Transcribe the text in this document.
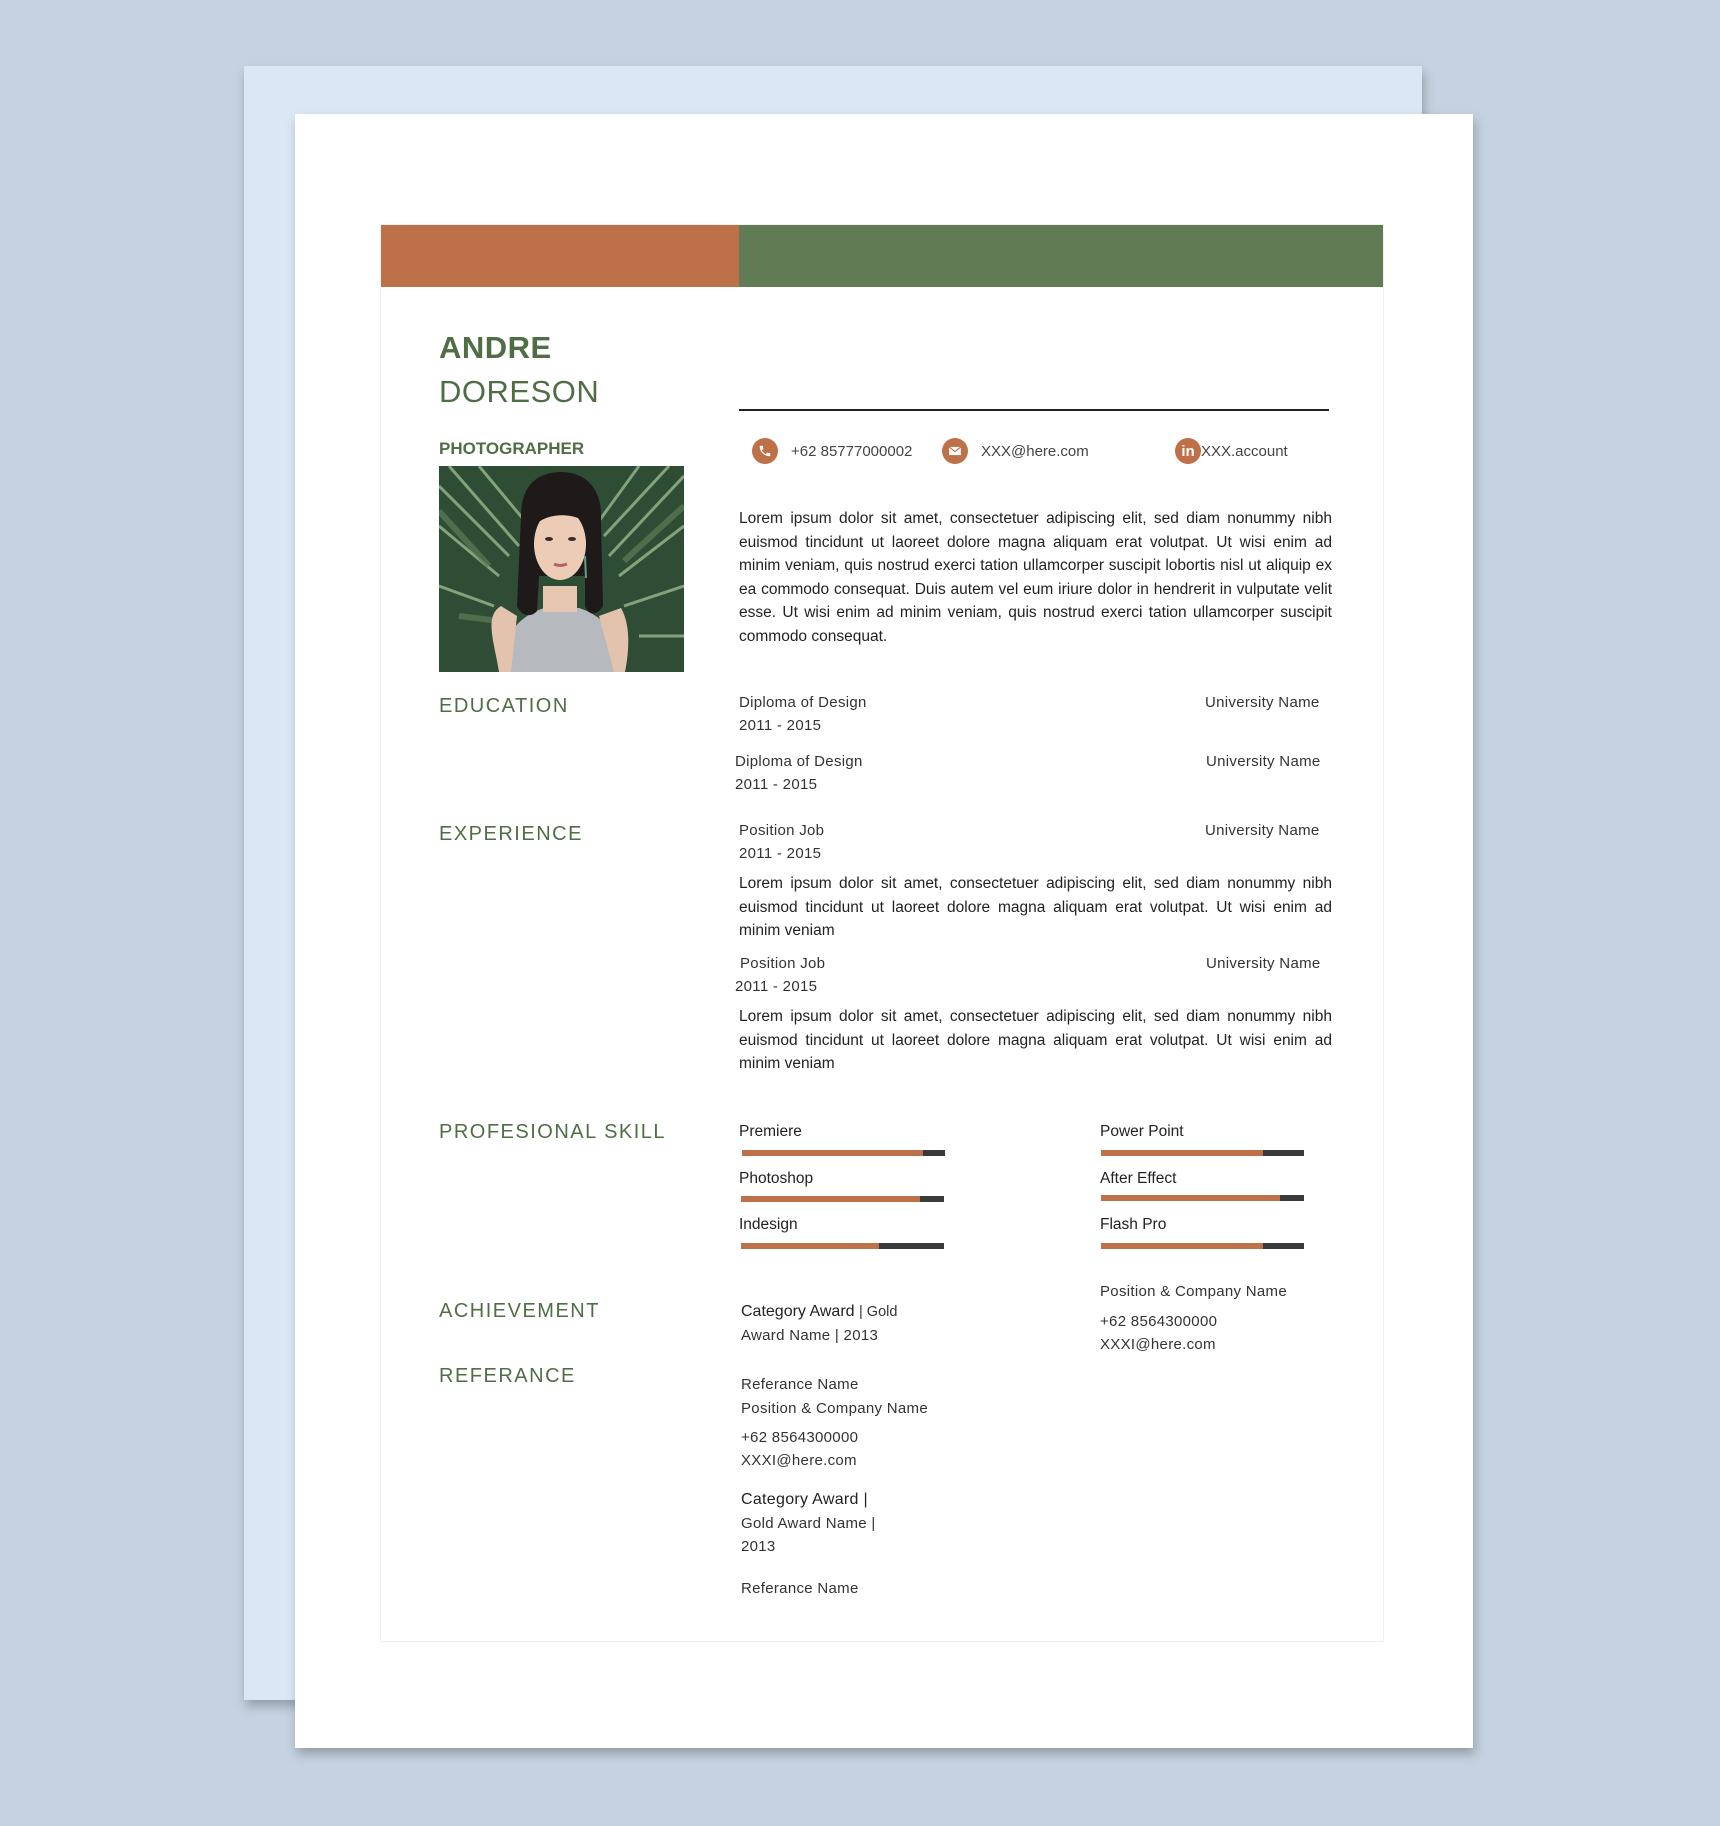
ANDRE
DORESON
PHOTOGRAPHER	+62 85777000002	XXX@here.com	in XXX.account
Lorem ipsum dolor sit amet, consectetuer adipiscing elit, sed diam nonummy nibh euismod tincidunt ut laoreet dolore magna aliquam erat volutpat. Ut wisi enim ad minim veniam, quis nostrud exerci tation ullamcorper suscipit lobortis nisl ut aliquip ex ea commodo consequat. Duis autem vel eum iriure dolor in hendrerit in vulputate velit esse. Ut wisi enim ad minim veniam, quis nostrud exerci tation ullamcorper suscipit commodo consequat.
EDUCATION	Diploma of Design	University Name
2011 - 2015
Diploma of Design	University Name
2011 - 2015
EXPERIENCE	Position Job	University Name
2011 - 2015
Lorem ipsum dolor sit amet, consectetuer adipiscing elit, sed diam nonummy nibh euismod tincidunt ut laoreet dolore magna aliquam erat volutpat. Ut wisi enim ad minim veniam
Position Job	University Name
2011 - 2015
Lorem ipsum dolor sit amet, consectetuer adipiscing elit, sed diam nonummy nibh euismod tincidunt ut laoreet dolore magna aliquam erat volutpat. Ut wisi enim ad minim veniam
PROFESIONAL SKILL	Premiere
Photoshop
Indesign
Power Point
After Effect
Flash Pro
ACHIEVEMENT
REFERANCE
Category Award | Gold
Award Name | 2013
Position & Company Name
+62 8564300000
XXXI@here.com
Referance Name
Position & Company Name
+62 8564300000
XXXI@here.com
Category Award |
Gold Award Name |
2013
Referance Name
